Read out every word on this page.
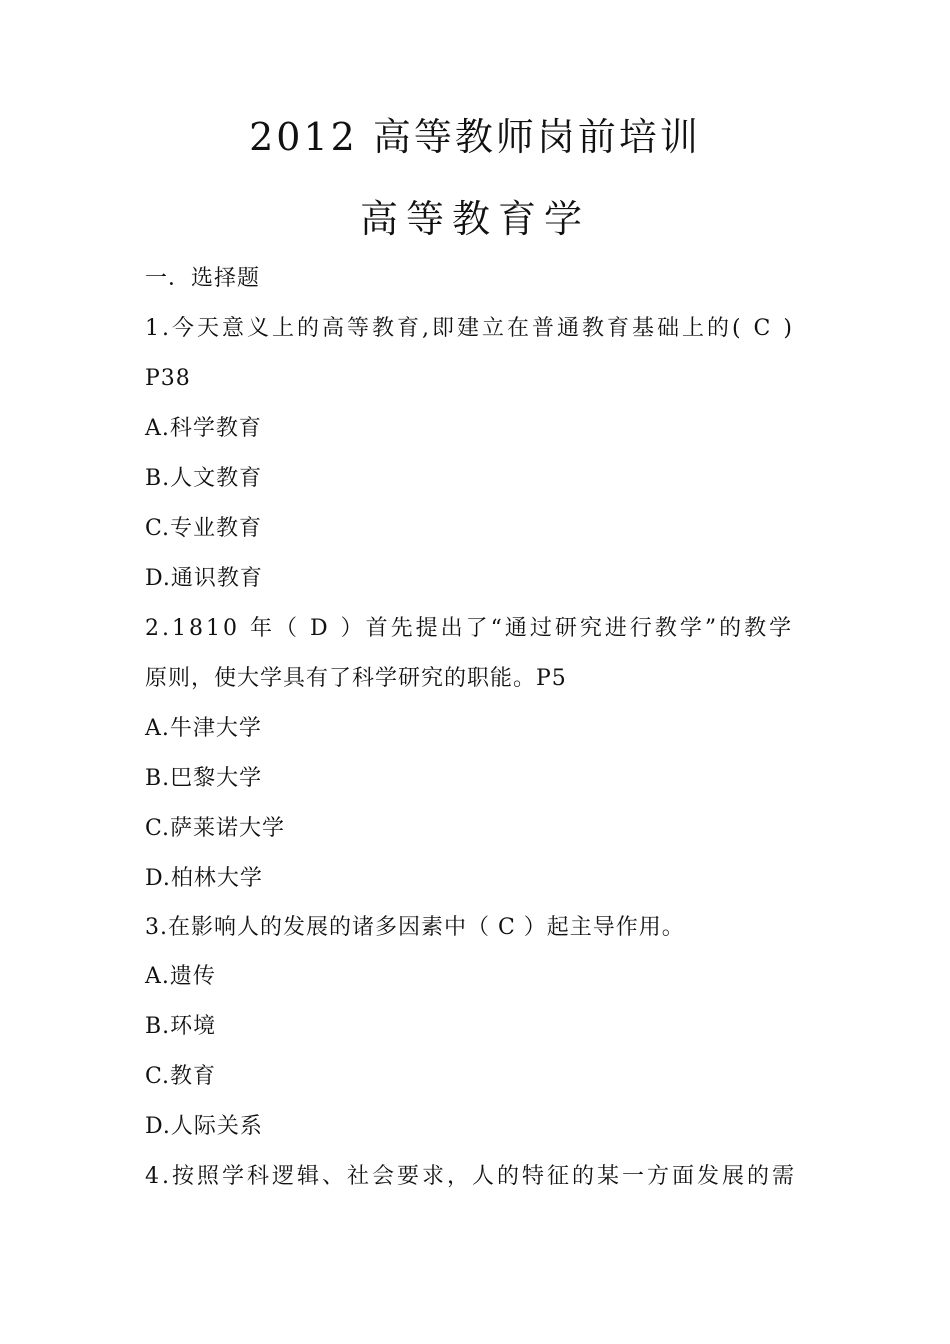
2012 高等教师岗前培训
高等教育学
一．选择题
1.今天意义上的高等教育,即建立在普通教育基础上的( C )
P38
A.科学教育
B.人文教育
C.专业教育
D.通识教育
2.1810 年（ D ）首先提出了“通过研究进行教学”的教学
原则，使大学具有了科学研究的职能。P5
A.牛津大学
B.巴黎大学
C.萨莱诺大学
D.柏林大学
3.在影响人的发展的诸多因素中（ C ）起主导作用。
A.遗传
B.环境
C.教育
D.人际关系
4.按照学科逻辑、社会要求，人的特征的某一方面发展的需
